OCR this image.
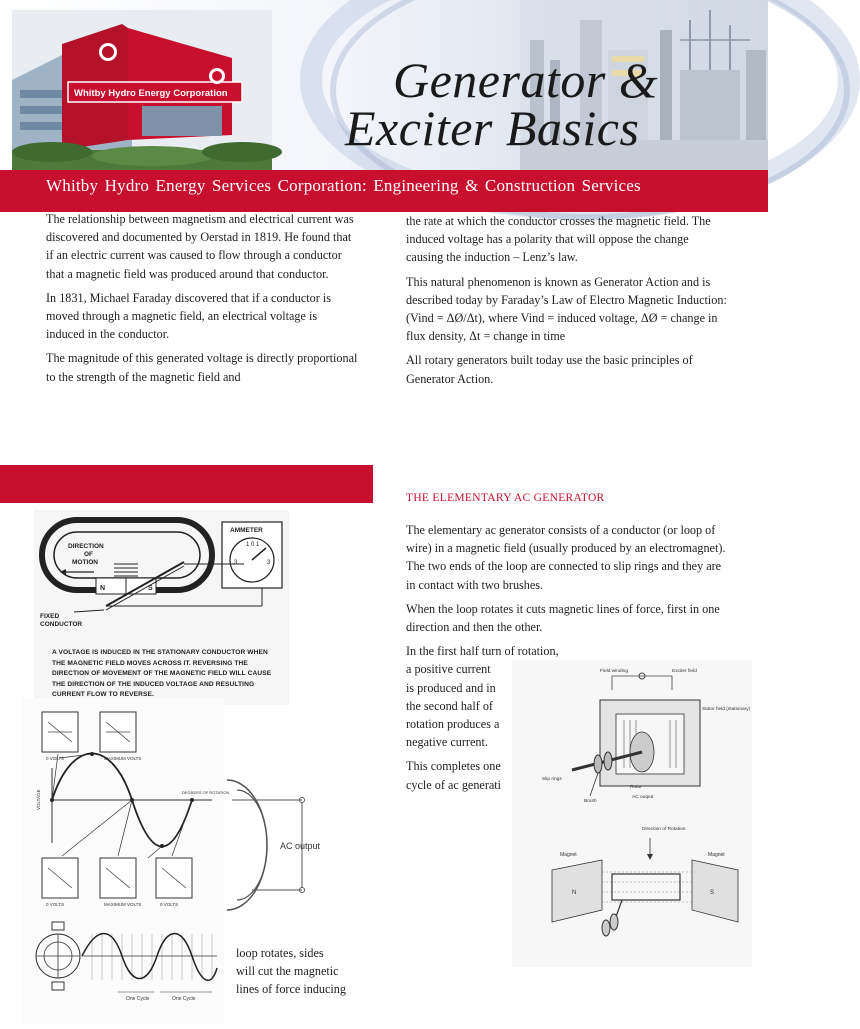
Whitby Hydro Energy Corporation	Generator &
Exciter Basics
Whitby Hydro Energy Services Corporation: Engineering & Construction Services

The relationship between magnetism and electrical current was discovered and documented by Oerstad in 1819. He found that if an electric current was caused to flow through a conductor that a magnetic field was produced around that conductor.

In 1831, Michael Faraday discovered that if a conductor is moved through a magnetic field, an electrical voltage is induced in the conductor.

The magnitude of this generated voltage is directly proportional to the strength of the magnetic field and

the rate at which the conductor crosses the magnetic field. The induced voltage has a polarity that will oppose the change causing the induction – Lenz’s law.

This natural phenomenon is known as Generator Action and is described today by Faraday’s Law of Electro Magnetic Induction: (Vind = ΔØ/Δt), where Vind = induced voltage, ΔØ = change in flux density, Δt = change in time

All rotary generators built today use the basic principles of Generator Action.

THE ELEMENTARY AC GENERATOR

The elementary ac generator consists of a conductor (or loop of wire) in a magnetic field (usually produced by an electromagnet). The two ends of the loop are connected to slip rings and they are in contact with two brushes.

When the loop rotates it cuts magnetic lines of force, first in one direction and then the other.

In the first half turn of rotation,

a positive current
is produced and in
the second half of
rotation produces a
negative current.
This completes one
cycle of ac generati
loop rotates, sides
will cut the magnetic
lines of force inducing
AC output
DIRECTION
OF
MOTION
N	S
AMMETER
1 0 1
3	3
FIXED
CONDUCTOR
A VOLTAGE IS INDUCED IN THE STATIONARY CONDUCTOR WHEN THE MAGNETIC FIELD MOVES ACROSS IT. REVERSING THE DIRECTION OF MOVEMENT OF THE MAGNETIC FIELD WILL CAUSE THE DIRECTION OF THE INDUCED VOLTAGE AND RESULTING CURRENT FLOW TO REVERSE.
0 VOLTS	MAXIMUM VOLTS
VOLTAGE	DEGREES OF ROTATION
0 VOLTS	MAXIMUM VOLTS	0 VOLTS
One Cycle	One Cycle
Field winding	Exciter field
Stator field (stationary)
Slip rings
Rotor
Brush
AC output
Direction of Rotation
Magnet	Magnet
N	S
